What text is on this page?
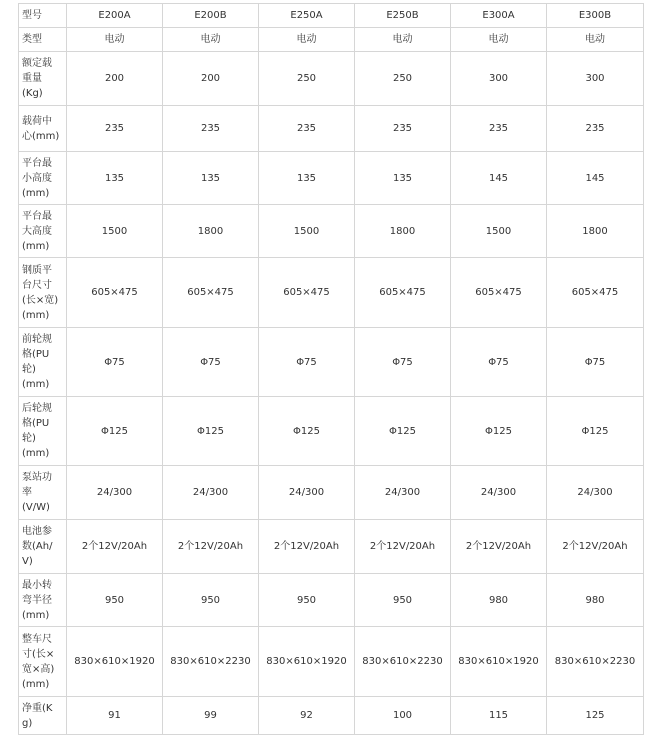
型号	E200A	E200B	E250A	E250B	E300A	E300B
类型	电动	电动	电动	电动	电动	电动
额定载
重量
(Kg)	200	200	250	250	300	300
载荷中
心(mm)	235	235	235	235	235	235
平台最
小高度
(mm)	135	135	135	135	145	145
平台最
大高度
(mm)	1500	1800	1500	1800	1500	1800
钢质平
台尺寸
(长×宽)
(mm)	605×475	605×475	605×475	605×475	605×475	605×475
前轮规
格(PU
轮)
(mm)	Φ75	Φ75	Φ75	Φ75	Φ75	Φ75
后轮规
格(PU
轮)
(mm)	Φ125	Φ125	Φ125	Φ125	Φ125	Φ125
泵站功
率
(V/W)	24/300	24/300	24/300	24/300	24/300	24/300
电池参
数(Ah/
V)	2个12V/20Ah	2个12V/20Ah	2个12V/20Ah	2个12V/20Ah	2个12V/20Ah	2个12V/20Ah
最小转
弯半径
(mm)	950	950	950	950	980	980
整车尺
寸(长×
宽×高)
(mm)	830×610×1920	830×610×2230	830×610×1920	830×610×2230	830×610×1920	830×610×2230
净重(K
g)	91	99	92	100	115	125
